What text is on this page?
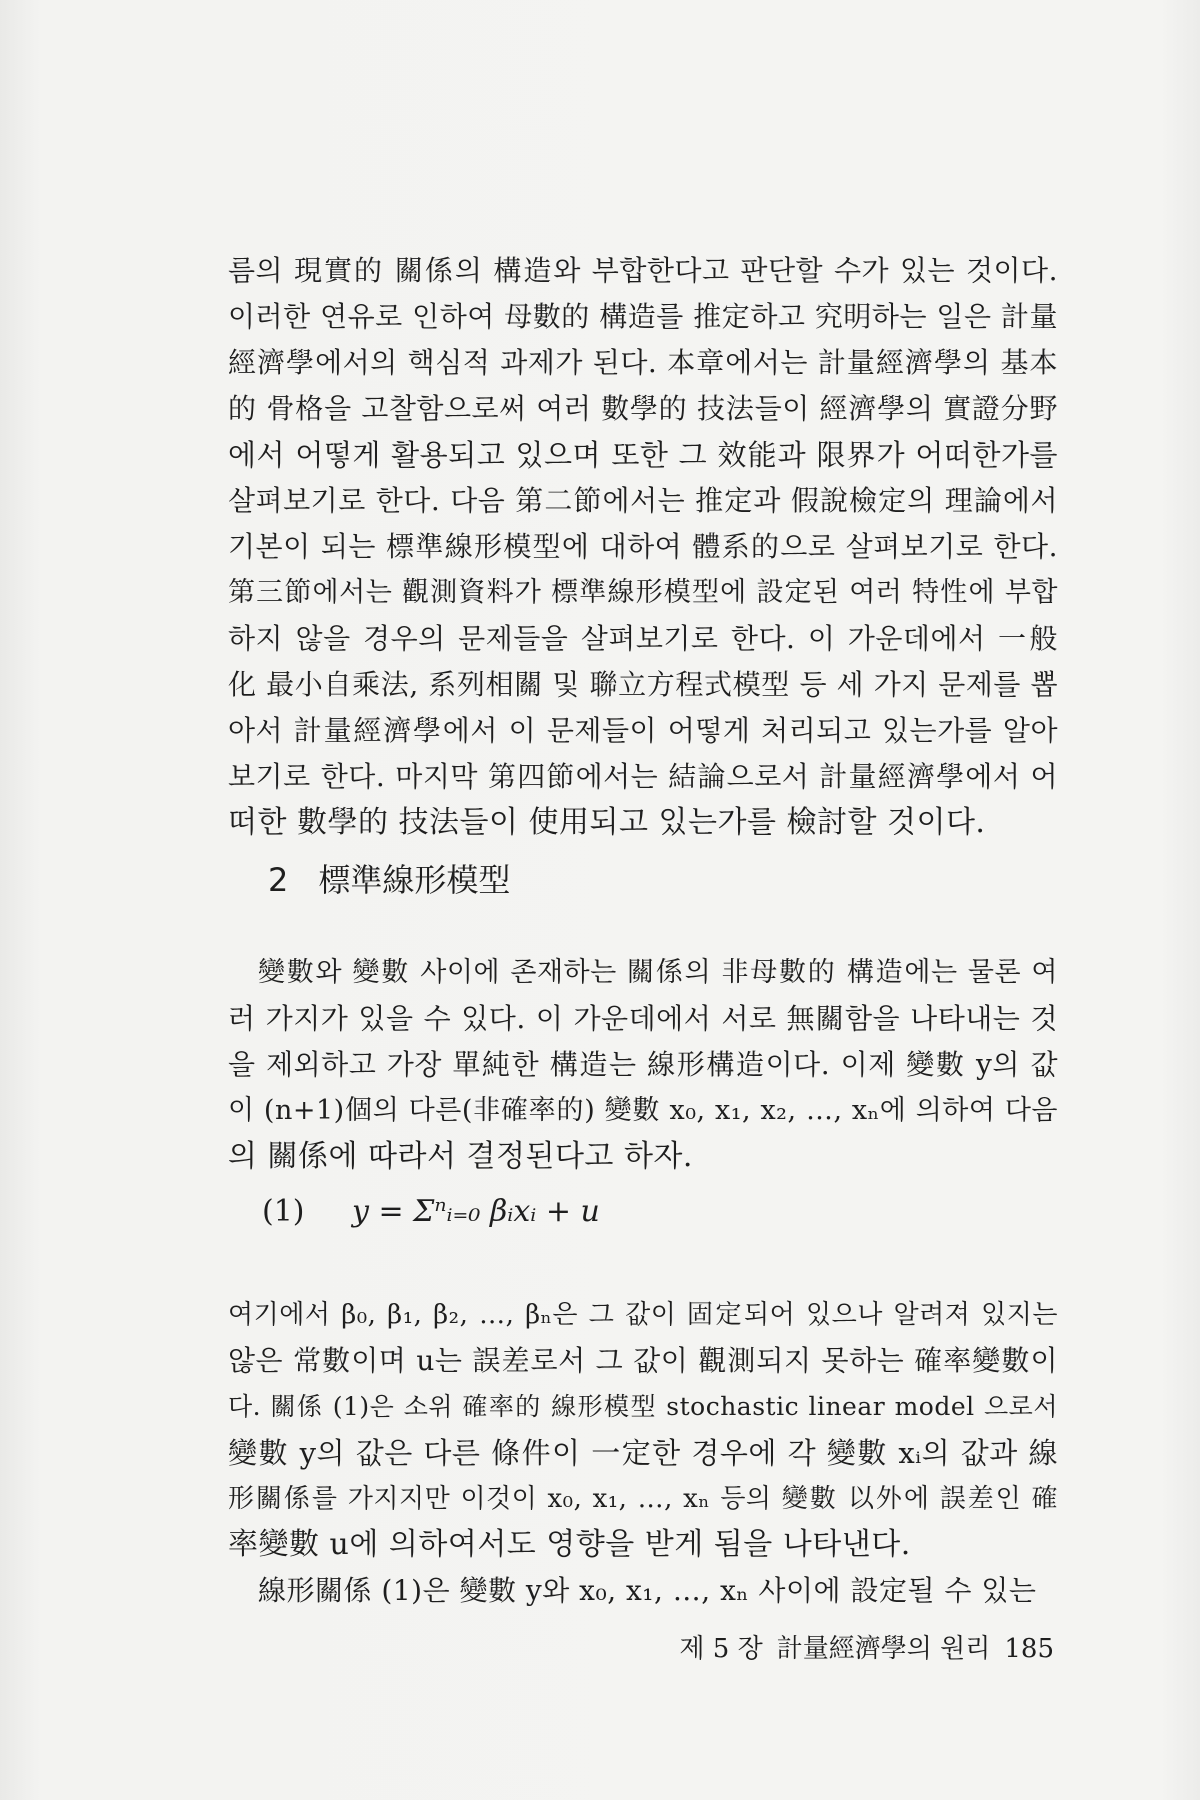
름의 現實的 關係의 構造와 부합한다고 판단할 수가 있는 것이다.
이러한 연유로 인하여 母數的 構造를 推定하고 究明하는 일은 計量
經濟學에서의 핵심적 과제가 된다. 本章에서는 計量經濟學의 基本
的 骨格을 고찰함으로써 여러 數學的 技法들이 經濟學의 實證分野
에서 어떻게 활용되고 있으며 또한 그 效能과 限界가 어떠한가를
살펴보기로 한다. 다음 第二節에서는 推定과 假說檢定의 理論에서
기본이 되는 標準線形模型에 대하여 體系的으로 살펴보기로 한다.
第三節에서는 觀測資料가 標準線形模型에 設定된 여러 特性에 부합
하지 않을 경우의 문제들을 살펴보기로 한다. 이 가운데에서 一般
化 最小自乘法, 系列相關 및 聯立方程式模型 등 세 가지 문제를 뽑
아서 計量經濟學에서 이 문제들이 어떻게 처리되고 있는가를 알아
보기로 한다. 마지막 第四節에서는 結論으로서 計量經濟學에서 어
떠한 數學的 技法들이 使用되고 있는가를 檢討할 것이다.
2 標準線形模型
變數와 變數 사이에 존재하는 關係의 非母數的 構造에는 물론 여
러 가지가 있을 수 있다. 이 가운데에서 서로 無關함을 나타내는 것
을 제외하고 가장 單純한 構造는 線形構造이다. 이제 變數 y의 값
이 (n+1)個의 다른(非確率的) 變數 x₀, x₁, x₂, …, xₙ에 의하여 다음
의 關係에 따라서 결정된다고 하자.
(1) y = Σⁿᵢ₌₀ βᵢxᵢ + u
여기에서 β₀, β₁, β₂, …, βₙ은 그 값이 固定되어 있으나 알려져 있지는
않은 常數이며 u는 誤差로서 그 값이 觀測되지 못하는 確率變數이
다. 關係 (1)은 소위 確率的 線形模型 stochastic linear model 으로서
變數 y의 값은 다른 條件이 一定한 경우에 각 變數 xᵢ의 값과 線
形關係를 가지지만 이것이 x₀, x₁, …, xₙ 등의 變數 以外에 誤差인 確
率變數 u에 의하여서도 영향을 받게 됨을 나타낸다.
線形關係 (1)은 變數 y와 x₀, x₁, …, xₙ 사이에 設定될 수 있는
제 5 장 計量經濟學의 원리 185
